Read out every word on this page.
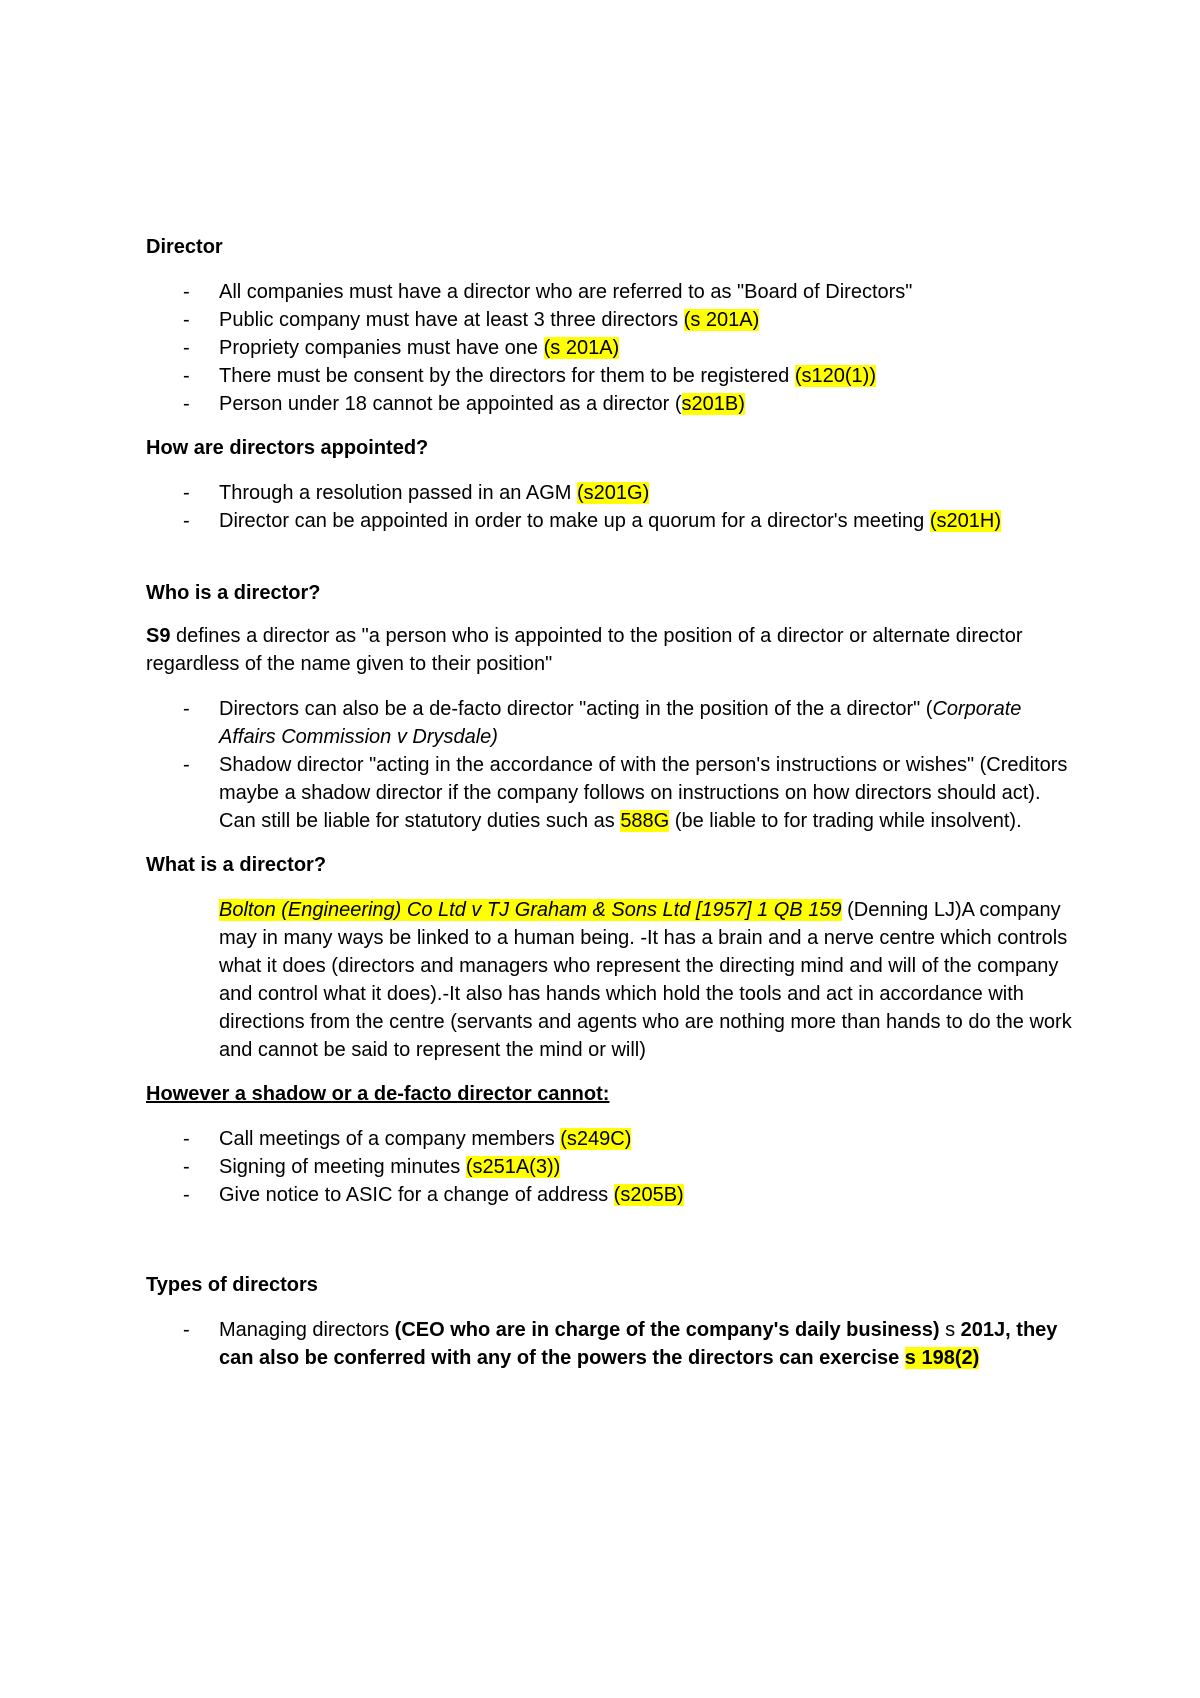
Director

- All companies must have a director who are referred to as "Board of Directors"
- Public company must have at least 3 three directors (s 201A)
- Propriety companies must have one (s 201A)
- There must be consent by the directors for them to be registered (s120(1))
- Person under 18 cannot be appointed as a director (s201B)

How are directors appointed?

- Through a resolution passed in an AGM (s201G)
- Director can be appointed in order to make up a quorum for a director's meeting (s201H)

Who is a director?

S9 defines a director as "a person who is appointed to the position of a director or alternate director regardless of the name given to their position"

- Directors can also be a de-facto director "acting in the position of the a director" (Corporate Affairs Commission v Drysdale)
- Shadow director "acting in the accordance of with the person's instructions or wishes" (Creditors maybe a shadow director if the company follows on instructions on how directors should act). Can still be liable for statutory duties such as 588G (be liable to for trading while insolvent).

What is a director?

Bolton (Engineering) Co Ltd v TJ Graham & Sons Ltd [1957] 1 QB 159 (Denning LJ)A company may in many ways be linked to a human being. -It has a brain and a nerve centre which controls what it does (directors and managers who represent the directing mind and will of the company and control what it does).-It also has hands which hold the tools and act in accordance with directions from the centre (servants and agents who are nothing more than hands to do the work and cannot be said to represent the mind or will)

However a shadow or a de-facto director cannot:

- Call meetings of a company members (s249C)
- Signing of meeting minutes (s251A(3))
- Give notice to ASIC for a change of address (s205B)

Types of directors

- Managing directors (CEO who are in charge of the company's daily business) s 201J, they can also be conferred with any of the powers the directors can exercise s 198(2)
